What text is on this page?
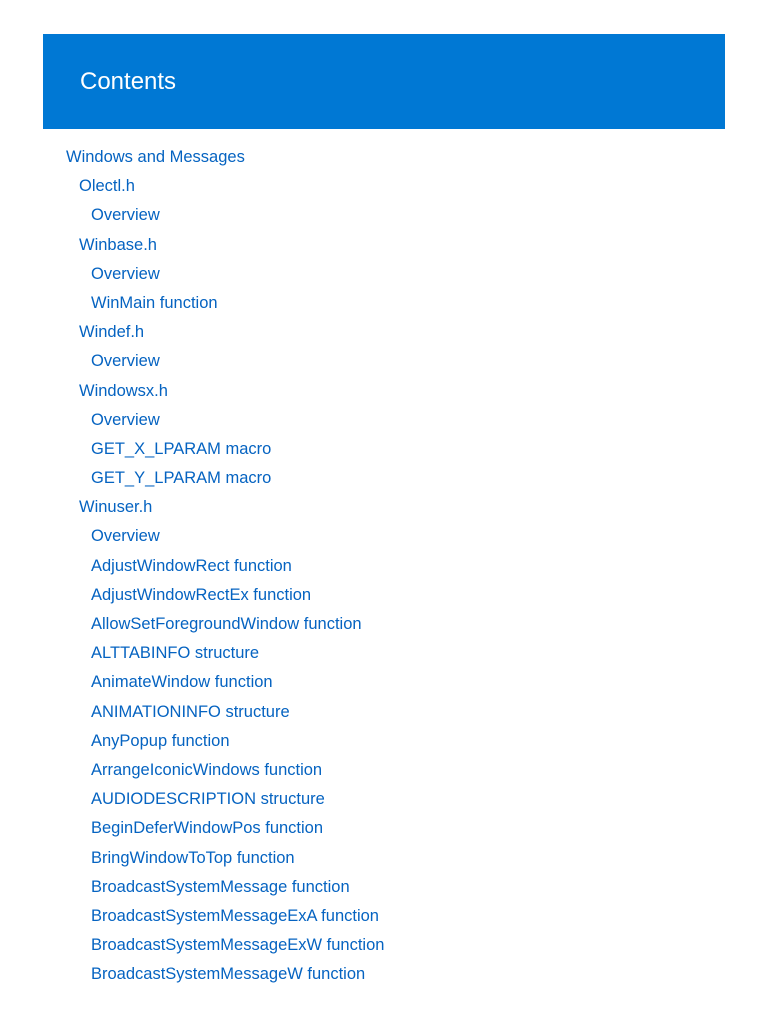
Contents
Windows and Messages
Olectl.h
Overview
Winbase.h
Overview
WinMain function
Windef.h
Overview
Windowsx.h
Overview
GET_X_LPARAM macro
GET_Y_LPARAM macro
Winuser.h
Overview
AdjustWindowRect function
AdjustWindowRectEx function
AllowSetForegroundWindow function
ALTTABINFO structure
AnimateWindow function
ANIMATIONINFO structure
AnyPopup function
ArrangeIconicWindows function
AUDIODESCRIPTION structure
BeginDeferWindowPos function
BringWindowToTop function
BroadcastSystemMessage function
BroadcastSystemMessageExA function
BroadcastSystemMessageExW function
BroadcastSystemMessageW function
